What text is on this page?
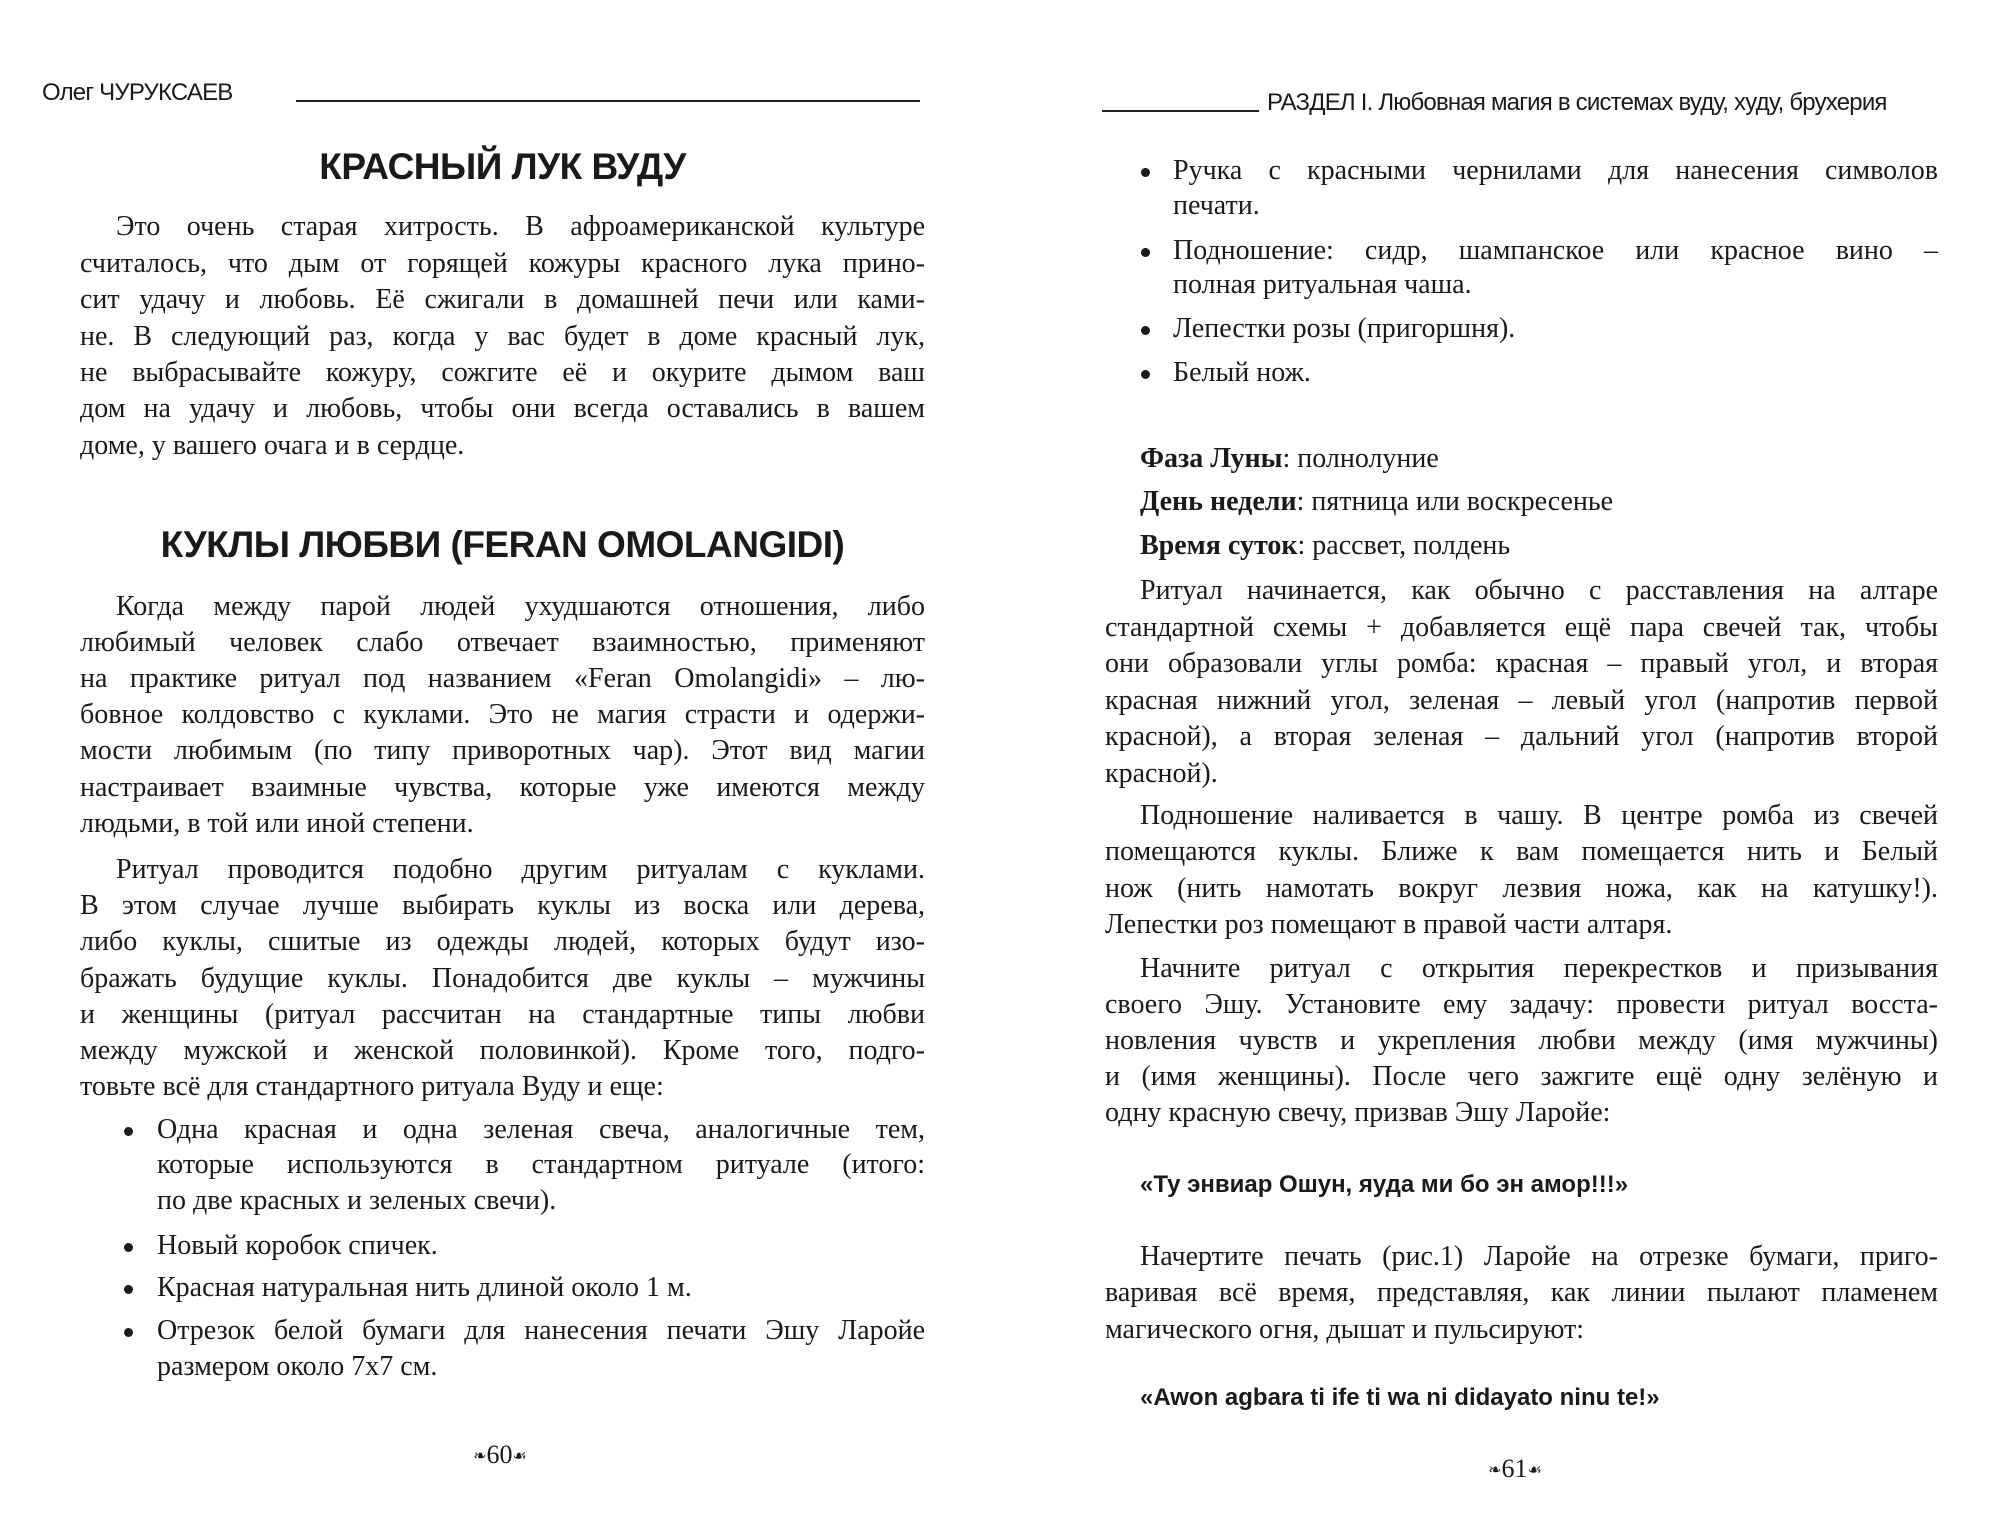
Олег ЧУРУКСАЕВ
КРАСНЫЙ ЛУК ВУДУ
Это очень старая хитрость. В афроамериканской культуре
считалось, что дым от горящей кожуры красного лука прино-
сит удачу и любовь. Её сжигали в домашней печи или ками-
не. В следующий раз, когда у вас будет в доме красный лук,
не выбрасывайте кожуру, сожгите её и окурите дымом ваш
дом на удачу и любовь, чтобы они всегда оставались в вашем
доме, у вашего очага и в сердце.
КУКЛЫ ЛЮБВИ (FERAN OMOLANGIDI)
Когда между парой людей ухудшаются отношения, либо
любимый человек слабо отвечает взаимностью, применяют
на практике ритуал под названием «Feran Omolangidi» – лю-
бовное колдовство с куклами. Это не магия страсти и одержи-
мости любимым (по типу приворотных чар). Этот вид магии
настраивает взаимные чувства, которые уже имеются между
людьми, в той или иной степени.
Ритуал проводится подобно другим ритуалам с куклами.
В этом случае лучше выбирать куклы из воска или дерева,
либо куклы, сшитые из одежды людей, которых будут изо-
бражать будущие куклы. Понадобится две куклы – мужчины
и женщины (ритуал рассчитан на стандартные типы любви
между мужской и женской половинкой). Кроме того, подго-
товьте всё для стандартного ритуала Вуду и еще:
Одна красная и одна зеленая свеча, аналогичные тем,
которые используются в стандартном ритуале (итого:
по две красных и зеленых свечи).
Новый коробок спичек.
Красная натуральная нить длиной около 1 м.
Отрезок белой бумаги для нанесения печати Эшу Ларойе
размером около 7х7 см.
❧60☙
РАЗДЕЛ I. Любовная магия в системах вуду, худу, брухерия
Ручка с красными чернилами для нанесения символов
печати.
Подношение: сидр, шампанское или красное вино –
полная ритуальная чаша.
Лепестки розы (пригоршня).
Белый нож.
Фаза Луны: полнолуние
День недели: пятница или воскресенье
Время суток: рассвет, полдень
Ритуал начинается, как обычно с расставления на алтаре
стандартной схемы + добавляется ещё пара свечей так, чтобы
они образовали углы ромба: красная – правый угол, и вторая
красная нижний угол, зеленая – левый угол (напротив первой
красной), а вторая зеленая – дальний угол (напротив второй
красной).
Подношение наливается в чашу. В центре ромба из свечей
помещаются куклы. Ближе к вам помещается нить и Белый
нож (нить намотать вокруг лезвия ножа, как на катушку!).
Лепестки роз помещают в правой части алтаря.
Начните ритуал с открытия перекрестков и призывания
своего Эшу. Установите ему задачу: провести ритуал восста-
новления чувств и укрепления любви между (имя мужчины)
и (имя женщины). После чего зажгите ещё одну зелёную и
одну красную свечу, призвав Эшу Ларойе:
«Ту энвиар Ошун, яуда ми бо эн амор!!!»
Начертите печать (рис.1) Ларойе на отрезке бумаги, приго-
варивая всё время, представляя, как линии пылают пламенем
магического огня, дышат и пульсируют:
«Awon agbara ti ife ti wa ni didayato ninu te!»
❧61☙
